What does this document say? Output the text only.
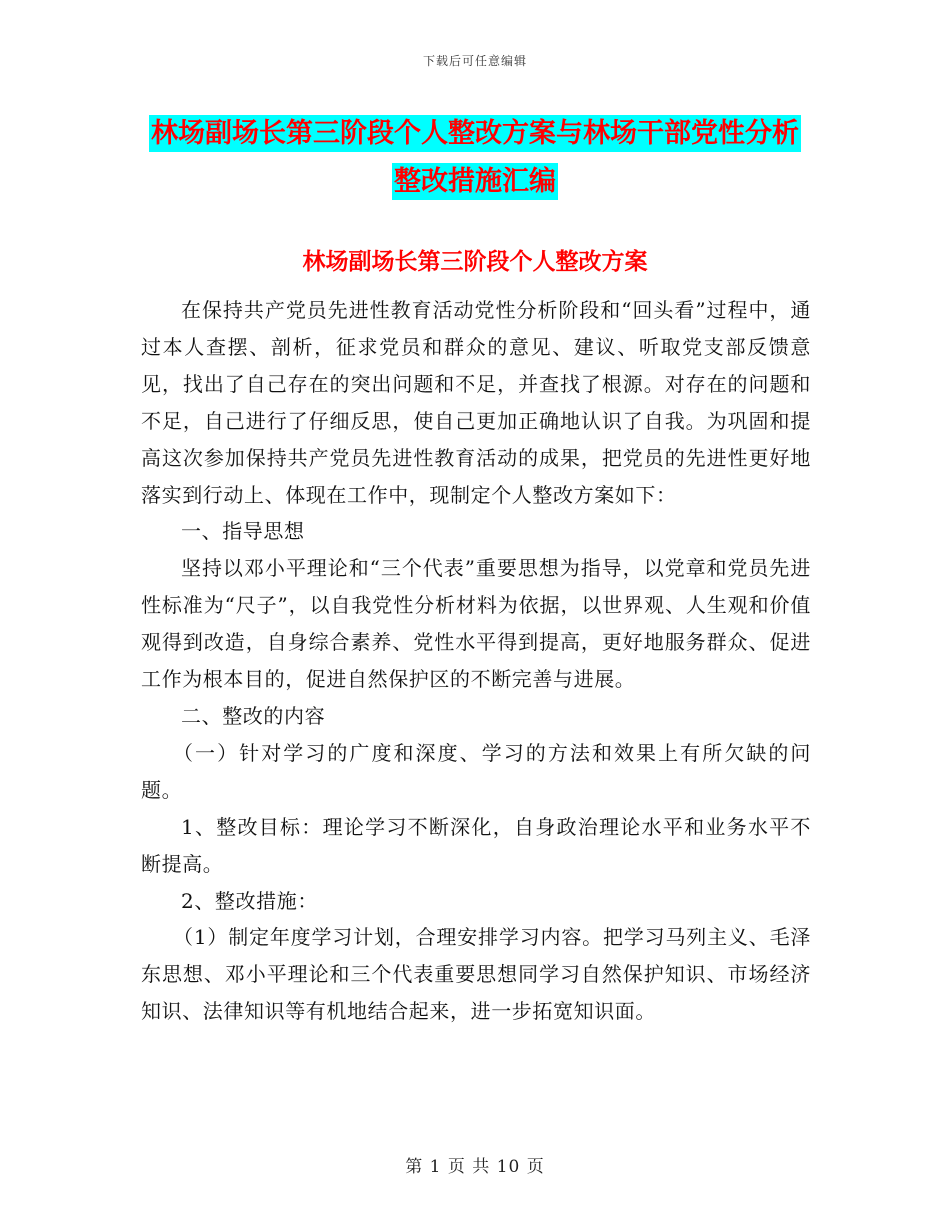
下载后可任意编辑
林场副场长第三阶段个人整改方案与林场干部党性分析整改措施汇编
林场副场长第三阶段个人整改方案

在保持共产党员先进性教育活动党性分析阶段和“回头看”过程中，通过本人查摆、剖析，征求党员和群众的意见、建议、听取党支部反馈意见，找出了自己存在的突出问题和不足，并查找了根源。对存在的问题和不足，自己进行了仔细反思，使自己更加正确地认识了自我。为巩固和提高这次参加保持共产党员先进性教育活动的成果，把党员的先进性更好地落实到行动上、体现在工作中，现制定个人整改方案如下：

一、指导思想

坚持以邓小平理论和“三个代表”重要思想为指导，以党章和党员先进性标准为“尺子”，以自我党性分析材料为依据，以世界观、人生观和价值观得到改造，自身综合素养、党性水平得到提高，更好地服务群众、促进工作为根本目的，促进自然保护区的不断完善与进展。

二、整改的内容

（一）针对学习的广度和深度、学习的方法和效果上有所欠缺的问题。

1、整改目标：理论学习不断深化，自身政治理论水平和业务水平不断提高。

2、整改措施：

（1）制定年度学习计划，合理安排学习内容。把学习马列主义、毛泽东思想、邓小平理论和三个代表重要思想同学习自然保护知识、市场经济知识、法律知识等有机地结合起来，进一步拓宽知识面。

第 1 页 共 10 页
